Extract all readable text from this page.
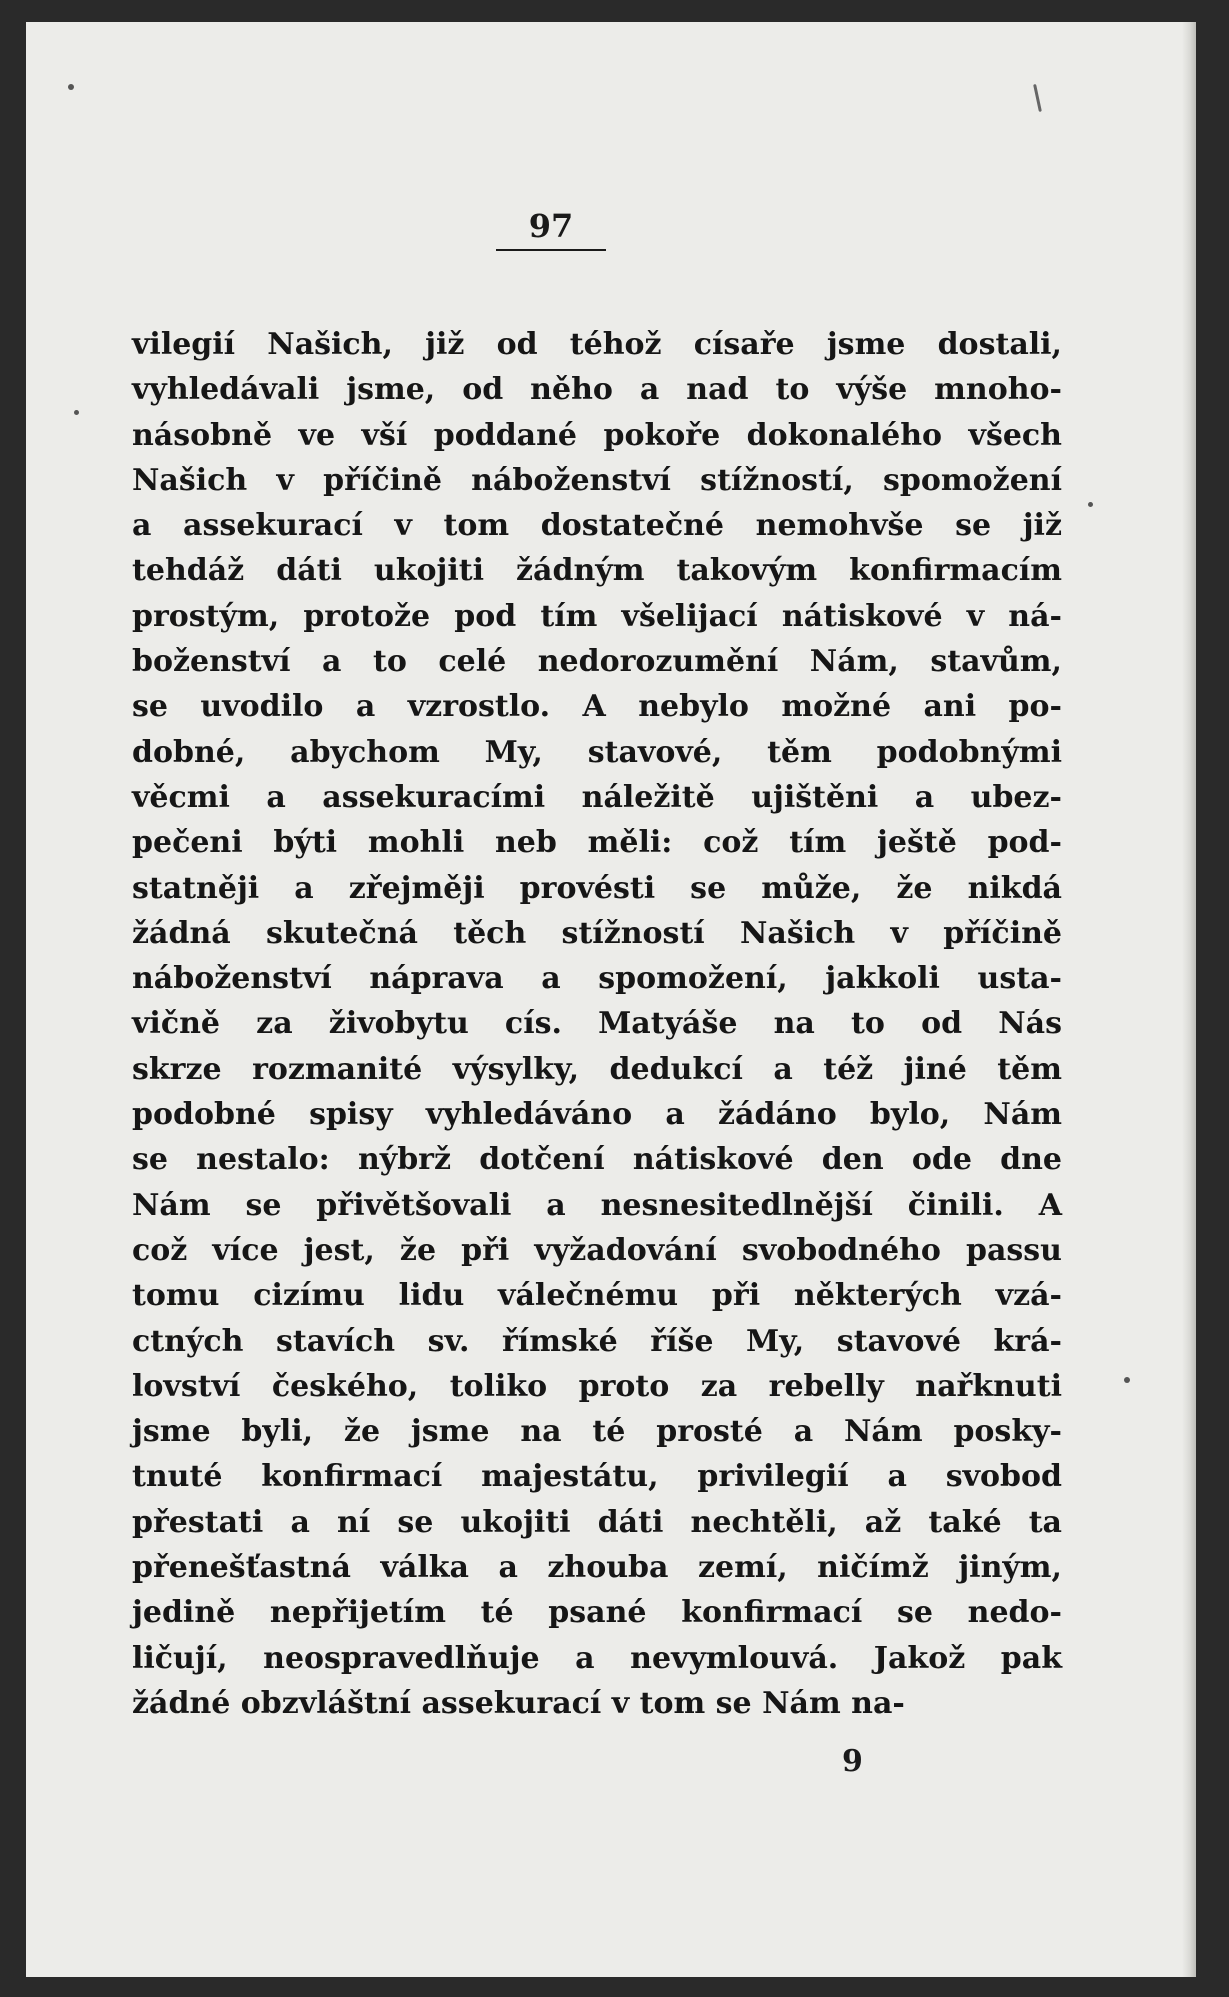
97
vilegií Našich, již od téhož císaře jsme dostali,
vyhledávali jsme, od něho a nad to výše mnoho-
násobně ve vší poddané pokoře dokonalého všech
Našich v příčině náboženství stížností, spomožení
a assekurací v tom dostatečné nemohvše se již
tehdáž dáti ukojiti žádným takovým konfirmacím
prostým, protože pod tím všelijací nátiskové v ná-
boženství a to celé nedorozumění Nám, stavům,
se uvodilo a vzrostlo. A nebylo možné ani po-
dobné, abychom My, stavové, těm podobnými
věcmi a assekuracími náležitě ujištěni a ubez-
pečeni býti mohli neb měli: což tím ještě pod-
statněji a zřejměji provésti se může, že nikdá
žádná skutečná těch stížností Našich v příčině
náboženství náprava a spomožení, jakkoli usta-
vičně za živobytu cís. Matyáše na to od Nás
skrze rozmanité výsylky, dedukcí a též jiné těm
podobné spisy vyhledáváno a žádáno bylo, Nám
se nestalo: nýbrž dotčení nátiskové den ode dne
Nám se přivětšovali a nesnesitedlnější činili. A
což více jest, že při vyžadování svobodného passu
tomu cizímu lidu válečnému při některých vzá-
ctných stavích sv. římské říše My, stavové krá-
lovství českého, toliko proto za rebelly nařknuti
jsme byli, že jsme na té prosté a Nám posky-
tnuté konfirmací majestátu, privilegií a svobod
přestati a ní se ukojiti dáti nechtěli, až také ta
přenešťastná válka a zhouba zemí, ničímž jiným,
jedině nepřijetím té psané konfirmací se nedo-
ličují, neospravedlňuje a nevymlouvá. Jakož pak
žádné obzvláštní assekurací v tom se Nám na-
9
